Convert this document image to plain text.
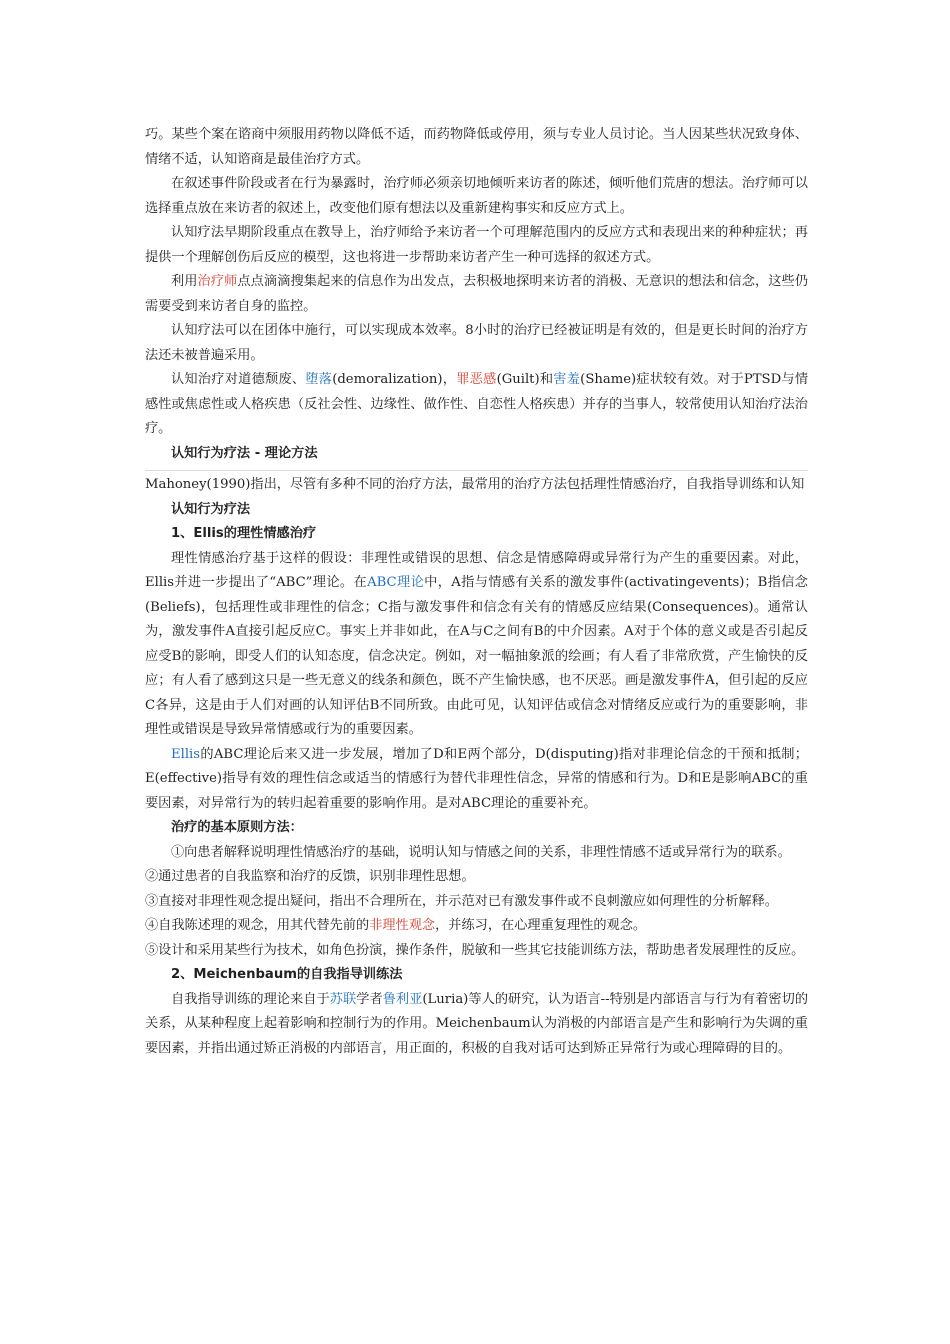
巧。某些个案在谘商中须服用药物以降低不适，而药物降低或停用，须与专业人员讨论。当人因某些状况致身体、情绪不适，认知谘商是最佳治疗方式。

在叙述事件阶段或者在行为暴露时，治疗师必须亲切地倾听来访者的陈述，倾听他们荒唐的想法。治疗师可以选择重点放在来访者的叙述上，改变他们原有想法以及重新建构事实和反应方式上。

认知疗法早期阶段重点在教导上，治疗师给予来访者一个可理解范围内的反应方式和表现出来的种种症状；再提供一个理解创伤后反应的模型，这也将进一步帮助来访者产生一种可选择的叙述方式。

利用治疗师点点滴滴搜集起来的信息作为出发点，去积极地探明来访者的消极、无意识的想法和信念，这些仍需要受到来访者自身的监控。

认知疗法可以在团体中施行，可以实现成本效率。8小时的治疗已经被证明是有效的，但是更长时间的治疗方法还未被普遍采用。

认知治疗对道德颓废、堕落(demoralization)，罪恶感(Guilt)和害羞(Shame)症状较有效。对于PTSD与情感性或焦虑性或人格疾患（反社会性、边缘性、做作性、自恋性人格疾患）并存的当事人，较常使用认知治疗法治疗。

认知行为疗法 - 理论方法

Mahoney(1990)指出，尽管有多种不同的治疗方法，最常用的治疗方法包括理性情感治疗，自我指导训练和认知

认知行为疗法

1、Ellis的理性情感治疗

理性情感治疗基于这样的假设：非理性或错误的思想、信念是情感障碍或异常行为产生的重要因素。对此，Ellis并进一步提出了“ABC”理论。在ABC理论中，A指与情感有关系的激发事件(activatingevents)；B指信念(Beliefs)，包括理性或非理性的信念；C指与激发事件和信念有关有的情感反应结果(Consequences)。通常认为，激发事件A直接引起反应C。事实上并非如此，在A与C之间有B的中介因素。A对于个体的意义或是否引起反应受B的影响，即受人们的认知态度，信念决定。例如，对一幅抽象派的绘画；有人看了非常欣赏，产生愉快的反应；有人看了感到这只是一些无意义的线条和颜色，既不产生愉快感，也不厌恶。画是激发事件A，但引起的反应C各异，这是由于人们对画的认知评估B不同所致。由此可见，认知评估或信念对情绪反应或行为的重要影响，非理性或错误是导致异常情感或行为的重要因素。

Ellis的ABC理论后来又进一步发展，增加了D和E两个部分，D(disputing)指对非理论信念的干预和抵制；E(effective)指导有效的理性信念或适当的情感行为替代非理性信念，异常的情感和行为。D和E是影响ABC的重要因素，对异常行为的转归起着重要的影响作用。是对ABC理论的重要补充。

治疗的基本原则方法：

①向患者解释说明理性情感治疗的基础，说明认知与情感之间的关系，非理性情感不适或异常行为的联系。

②通过患者的自我监察和治疗的反馈，识别非理性思想。

③直接对非理性观念提出疑问，指出不合理所在，并示范对已有激发事件或不良刺激应如何理性的分析解释。

④自我陈述理的观念，用其代替先前的非理性观念，并练习，在心理重复理性的观念。

⑤设计和采用某些行为技术，如角色扮演，操作条件，脱敏和一些其它技能训练方法，帮助患者发展理性的反应。

2、Meichenbaum的自我指导训练法

自我指导训练的理论来自于苏联学者鲁利亚(Luria)等人的研究，认为语言--特别是内部语言与行为有着密切的关系，从某种程度上起着影响和控制行为的作用。Meichenbaum认为消极的内部语言是产生和影响行为失调的重要因素，并指出通过矫正消极的内部语言，用正面的，积极的自我对话可达到矫正异常行为或心理障碍的目的。
